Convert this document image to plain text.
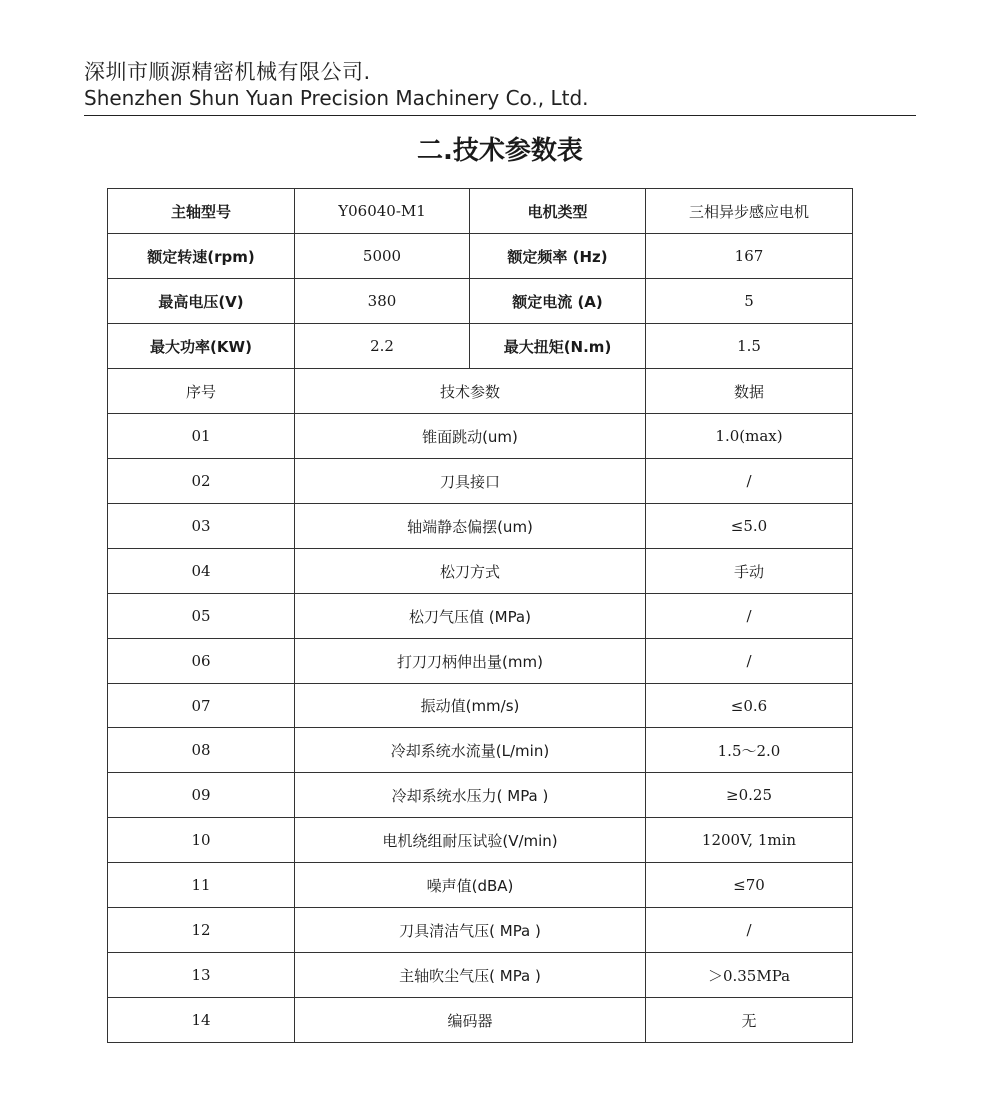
深圳市顺源精密机械有限公司.
Shenzhen Shun Yuan Precision Machinery Co., Ltd.
二.技术参数表
主轴型号	Y06040-M1	电机类型	三相异步感应电机
额定转速(rpm)	5000	额定频率 (Hz)	167
最高电压(V)	380	额定电流 (A)	5
最大功率(KW)	2.2	最大扭矩(N.m)	1.5
序号	技术参数		数据
01	锥面跳动(um)		1.0(max)
02	刀具接口		/
03	轴端静态偏摆(um)		≤5.0
04	松刀方式		手动
05	松刀气压值 (MPa)		/
06	打刀刀柄伸出量(mm)		/
07	振动值(mm/s)		≤0.6
08	冷却系统水流量(L/min)		1.5～2.0
09	冷却系统水压力( MPa )		≥0.25
10	电机绕组耐压试验(V/min)		1200V, 1min
11	噪声值(dBA)		≤70
12	刀具清洁气压( MPa )		/
13	主轴吹尘气压( MPa )		＞0.35MPa
14	编码器		无
